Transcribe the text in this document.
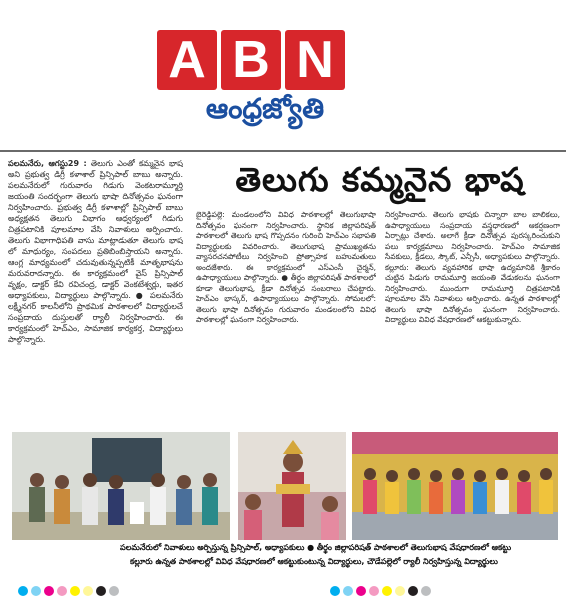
A B N
ఆంధ్రజ్యోతి
పలమనేరు, ఆగస్టు29 : తెలుగు ఎంతో కమ్మనైన భాష అని ప్రభుత్వ డిగ్రీ కళాశాల్ ప్రిన్సిపాల్ బాబు అన్నారు. పలమనేరులో గురువారం గిడుగు వెంకటరామ్మూర్తి జయంతి సందర్భంగా తెలుగు భాషా దినోత్సవం ఘనంగా నిర్వహించారు. ప్రభుత్వ డిగ్రీ కళాశాల్లో ప్రిన్సిపాల్ బాబు అధ్యక్షతన తెలుగు విభాగం ఆధ్వర్యంలో గిడుగు చిత్రపటానికి పూలమాల వేసి నివాళులు అర్పించారు. తెలుగు విభాగాధిపతి వాసు మాట్లాడుతూ తెలుగు భాష లో మాధుర్యం, సంపదలు ప్రతిబింబిస్తాయని అన్నారు. ఆంగ్ల మాధ్యమంలో చదువుతున్నప్పటికీ మాతృభాషను మరువరాదన్నారు. ఈ కార్యక్రమంలో వైస్ ప్రిన్సిపాల్ వృక్షం, డాక్టర్ కేవి రవిచంద్ర, డాక్టర్ వెంకటేశ్వర్లు, ఇతర అధ్యాపకులు, విద్యార్థులు పాల్గొన్నారు. ● పలమనేరు లక్ష్మీనగర్ కాలనీలోని ప్రాథమిక పాఠశాలలో విద్యార్థులచే సంప్రదాయ దుస్తులతో ర్యాలీ నిర్వహించారు. ఈ కార్యక్రమంలో హెచ్ఎం, సామాజిక కార్యకర్త, విద్యార్థులు పాల్గొన్నారు.
తెలుగు కమ్మనైన భాష
బైరెడ్డిపల్లె: మండలంలోని వివిధ పాఠశాలల్లో తెలుగుభాషా దినోత్సవం ఘనంగా నిర్వహించారు. స్థానిక జిల్లాపరిషత్ పాఠశాలలో తెలుగు భాష గొప్పదనం గురించి హెచ్ఎం సభాపతి విద్యార్థులకు వివరించారు. తెలుగుభాష ప్రాముఖ్యతను వ్యాసరచనపోటీలు నిర్వహించి ప్రోత్సాహక బహుమతులు అందజేశారు. ఈ కార్యక్రమంలో ఎస్ఎంసీ చైర్మన్, ఉపాధ్యాయులు పాల్గొన్నారు. ● తీర్థం జిల్లాపరిషత్ పాఠశాలలో కూడా తెలుగుభాష, క్రీడా దినోత్సవ సంబరాలు చేపట్టారు. హెచ్ఎం భాస్కర్, ఉపాధ్యాయులు పాల్గొన్నారు. సోమలలో: తెలుగు భాషా దినోత్సవం గురువారం మండలంలోని వివిధ పాఠశాలల్లో ఘనంగా నిర్వహించారు.
నిర్వహించారు. తెలుగు భాషకు చిన్నారా బాల బాలికలు, ఉపాధ్యాయులు సంప్రదాయ వస్త్రధారణలో ఆకర్షణంగా ఏర్పాట్లు చేశారు. అలాగే క్రీడా దినోత్సవ పురస్కరించుకుని పలు కార్యక్రమాలు నిర్వహించారు. హెచ్ఎం సామాజిక సేవకులు, క్రీడలు, స్కౌట్, ఎన్సీసీ, అధ్యాపకులు పాల్గొన్నారు. కల్లూరు: తెలుగు వ్యవహారిక భాషా ఉద్యమానికి శ్రీకారం చుట్టిన పిడుగు రామమూర్తి జయంతి వేడుకలను ఘనంగా నిర్వహించారు. ముందుగా రామమూర్తి చిత్రపటానికి పూలమాల వేసి నివాళులు అర్పించారు. ఉన్నత పాఠశాలల్లో తెలుగు భాషా దినోత్సవం ఘనంగా నిర్వహించారు. విద్యార్థులు వివిధ వేషధారణలో ఆకట్టుకున్నారు.
పలమనేరులో నివాళులు అర్పిస్తున్న ప్రిన్సిపాల్, అధ్యాపకులు ● తీర్థం జిల్లాపరిషత్ పాఠశాలలో తెలుగుభాష వేషధారణలో ఆకట్టు
కల్లూరు ఉన్నత పాఠశాలల్లో వివిధ వేషధారణలో ఆకట్టుకుంటున్న విద్యార్థులు, చౌడేపల్లెలో ర్యాలీ నిర్వహిస్తున్న విద్యార్థులు
